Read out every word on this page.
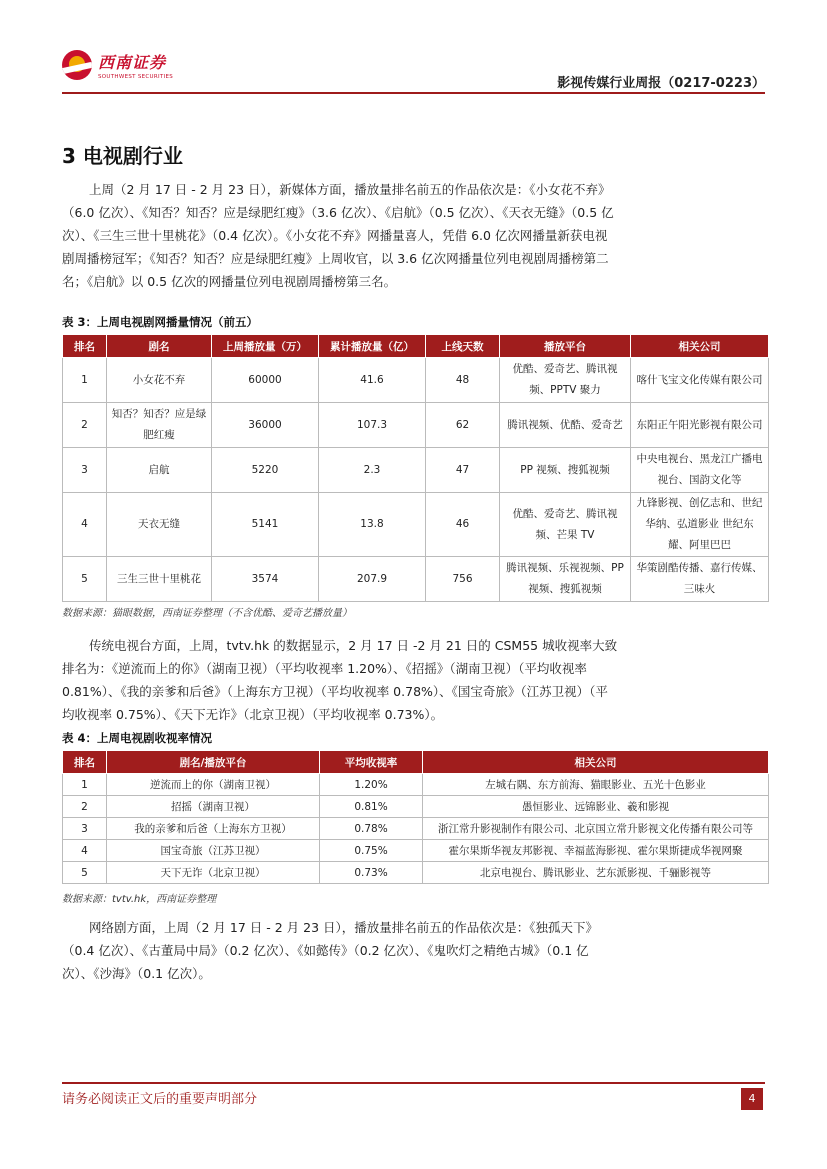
西南证券
SOUTHWEST SECURITIES	影视传媒行业周报（0217-0223）
3 电视剧行业
上周（2 月 17 日 - 2 月 23 日），新媒体方面，播放量排名前五的作品依次是：《小女花不弃》（6.0 亿次）、《知否？知否？应是绿肥红瘦》（3.6 亿次）、《启航》（0.5 亿次）、《天衣无缝》（0.5 亿次）、《三生三世十里桃花》（0.4 亿次）。《小女花不弃》网播量喜人，凭借 6.0 亿次网播量新获电视剧周播榜冠军；《知否？知否？应是绿肥红瘦》上周收官，以 3.6 亿次网播量位列电视剧周播榜第二名；《启航》以 0.5 亿次的网播量位列电视剧周播榜第三名。
表 3：上周电视剧网播量情况（前五）
排名	剧名	上周播放量（万）	累计播放量（亿）	上线天数	播放平台	相关公司
1	小女花不弃	60000	41.6	48	优酷、爱奇艺、腾讯视频、PPTV 聚力	喀什飞宝文化传媒有限公司
2	知否？知否？应是绿肥红瘦	36000	107.3	62	腾讯视频、优酷、爱奇艺	东阳正午阳光影视有限公司
3	启航	5220	2.3	47	PP 视频、搜狐视频	中央电视台、黑龙江广播电视台、国韵文化等
4	天衣无缝	5141	13.8	46	优酷、爱奇艺、腾讯视频、芒果 TV	九锋影视、创亿志和、世纪华纳、弘道影业 世纪东耀、阿里巴巴
5	三生三世十里桃花	3574	207.9	756	腾讯视频、乐视视频、PP 视频、搜狐视频	华策剧酷传播、嘉行传媒、三味火
数据来源：猫眼数据，西南证券整理（不含优酷、爱奇艺播放量）
传统电视台方面，上周，tvtv.hk 的数据显示，2 月 17 日 -2 月 21 日的 CSM55 城收视率大致排名为：《逆流而上的你》（湖南卫视）（平均收视率 1.20%）、《招摇》（湖南卫视）（平均收视率 0.81%）、《我的亲爹和后爸》（上海东方卫视）（平均收视率 0.78%）、《国宝奇旅》（江苏卫视）（平均收视率 0.75%）、《天下无诈》（北京卫视）（平均收视率 0.73%）。
表 4：上周电视剧收视率情况
排名	剧名/播放平台	平均收视率	相关公司
1	逆流而上的你（湖南卫视）	1.20%	左城右隅、东方前海、猫眼影业、五光十色影业
2	招摇（湖南卫视）	0.81%	愚恒影业、远锦影业、羲和影视
3	我的亲爹和后爸（上海东方卫视）	0.78%	浙江常升影视制作有限公司、北京国立常升影视文化传播有限公司等
4	国宝奇旅（江苏卫视）	0.75%	霍尔果斯华视友邦影视、幸福蓝海影视、霍尔果斯捷成华视网聚
5	天下无诈（北京卫视）	0.73%	北京电视台、腾讯影业、艺东派影视、千骊影视等
数据来源：tvtv.hk，西南证券整理
网络剧方面，上周（2 月 17 日 - 2 月 23 日），播放量排名前五的作品依次是：《独孤天下》（0.4 亿次）、《古董局中局》（0.2 亿次）、《如懿传》（0.2 亿次）、《鬼吹灯之精绝古城》（0.1 亿次）、《沙海》（0.1 亿次）。
请务必阅读正文后的重要声明部分	4
